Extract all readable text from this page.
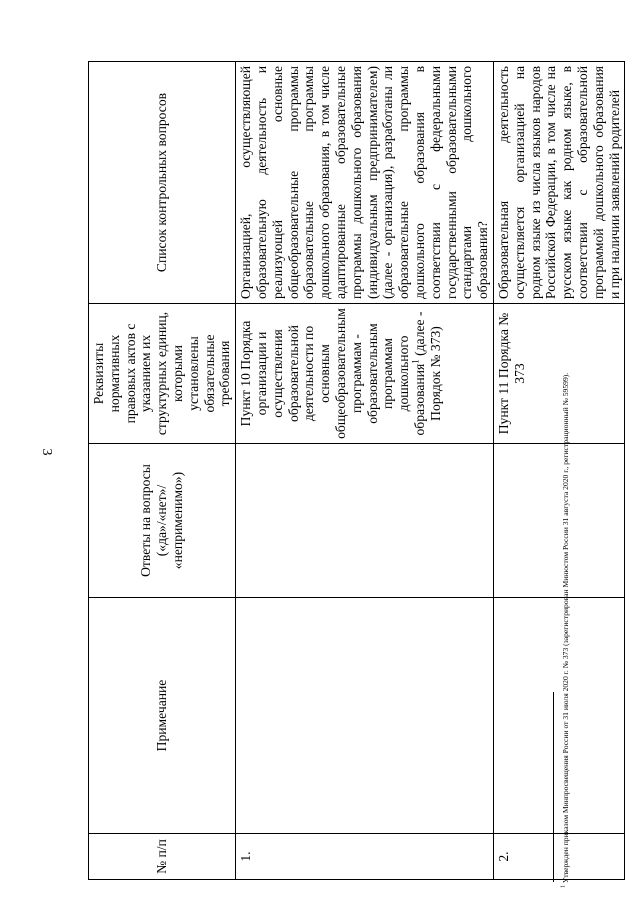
3
№ п/п	Примечание	Ответы на вопросы («да»/«нет»/ «неприменимо»)	Реквизиты нормативных правовых актов с указанием их структурных единиц, которыми установлены обязательные требования	Список контрольных вопросов
1.			Пункт 10 Порядка организации и осуществления образовательной деятельности по основным общеобразовательным программам - образовательным программам дошкольного образования$^1$ (далее - Порядок № 373)	Организацией, осуществляющей образовательную деятельность и реализующей основные общеобразовательные программы образовательные программы дошкольного образования, в том числе адаптированные образовательные программы дошкольного образования (индивидуальным предпринимателем) (далее - организация), разработаны ли образовательные программы дошкольного образования в соответствии с федеральными государственными образовательными стандартами дошкольного образования?
2.			Пункт 11 Порядка № 373	Образовательная деятельность осуществляется организацией на родном языке из числа языков народов Российской Федерации, в том числе на русском языке как родном языке, в соответствии с образовательной программой дошкольного образования и при наличии заявлений родителей
$^1$ Утвержден приказом Минпросвещения России от 31 июля 2020 г. № 373 (зарегистрирован Минюстом России 31 августа 2020 г., регистрационный № 59599).
